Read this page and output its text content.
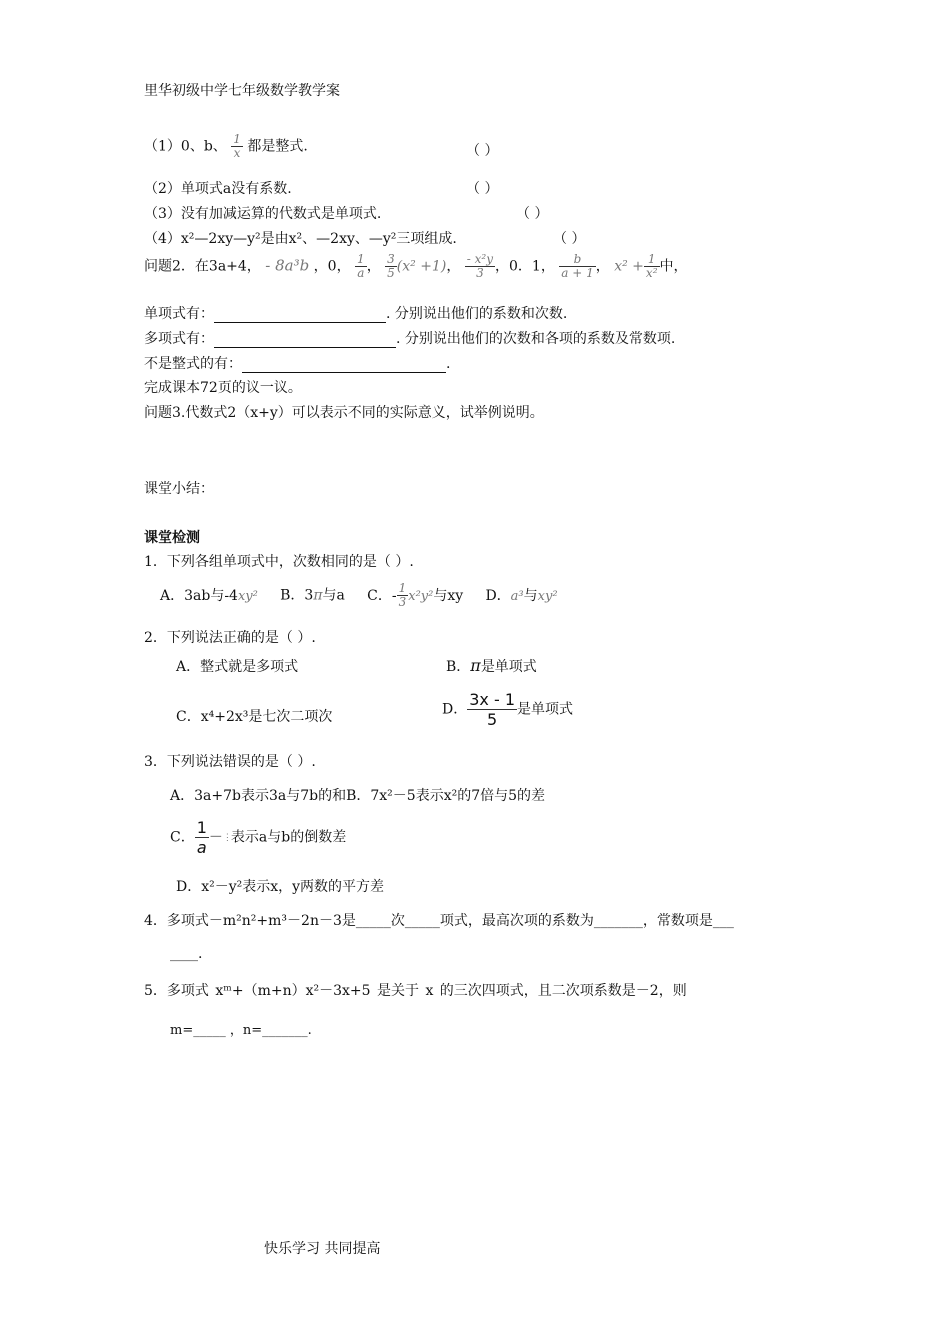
里华初级中学七年级数学教学案
（1）0、b、 $\frac{1}{x}$ 都是整式.	（ ）
（2）单项式a没有系数.	（ ）
（3）没有加减运算的代数式是单项式.	（ ）
（4）x²—2xy—y²是由x²、—2xy、—y²三项组成.	（ ）
问题2．在3a+4， - 8a³b ，0， $\frac{1}{a}$ ， $\frac{3}{5} (x^2 +1)$， $\frac{\text{- x²y}}{3}$ ，0．1， $\frac{b}{a + 1}$ ， $x^2 + \frac{1}{\text{x²}}$ 中，
单项式有：	. 分别说出他们的系数和次数.
多项式有：	. 分别说出他们的次数和各项的系数及常数项.
不是整式的有：	.
完成课本72页的议一议。
问题3.代数式2（x+y）可以表示不同的实际意义，试举例说明。
课堂小结：
课堂检测
1．下列各组单项式中，次数相同的是（ ）.
A．3ab与-4xy² B．3π与a C．- $\frac{1}{3} x^2y^2$与xy D．a³与xy²
2．下列说法正确的是（ ）.
A．整式就是多项式	B．π是单项式
C．x⁴+2x³是七次二项次	D． $\frac{3x - 1}{5}$ 是单项式
3．下列说法错误的是（ ）.
A．3a+7b表示3a与7b的和B．7x²－5表示x²的7倍与5的差
C． $\frac{1}{a}$ －⋮表示a与b的倒数差
D．x²－y²表示x，y两数的平方差
4．多项式－m²n²+m³－2n－3是_____次_____项式，最高次项的系数为_______，常数项是___
____.
5．多项式 xᵐ+（m+n）x²－3x+5 是关于 x 的三次四项式，且二次项系数是－2，则
m=_____ ，n=_______.
快乐学习 共同提高
